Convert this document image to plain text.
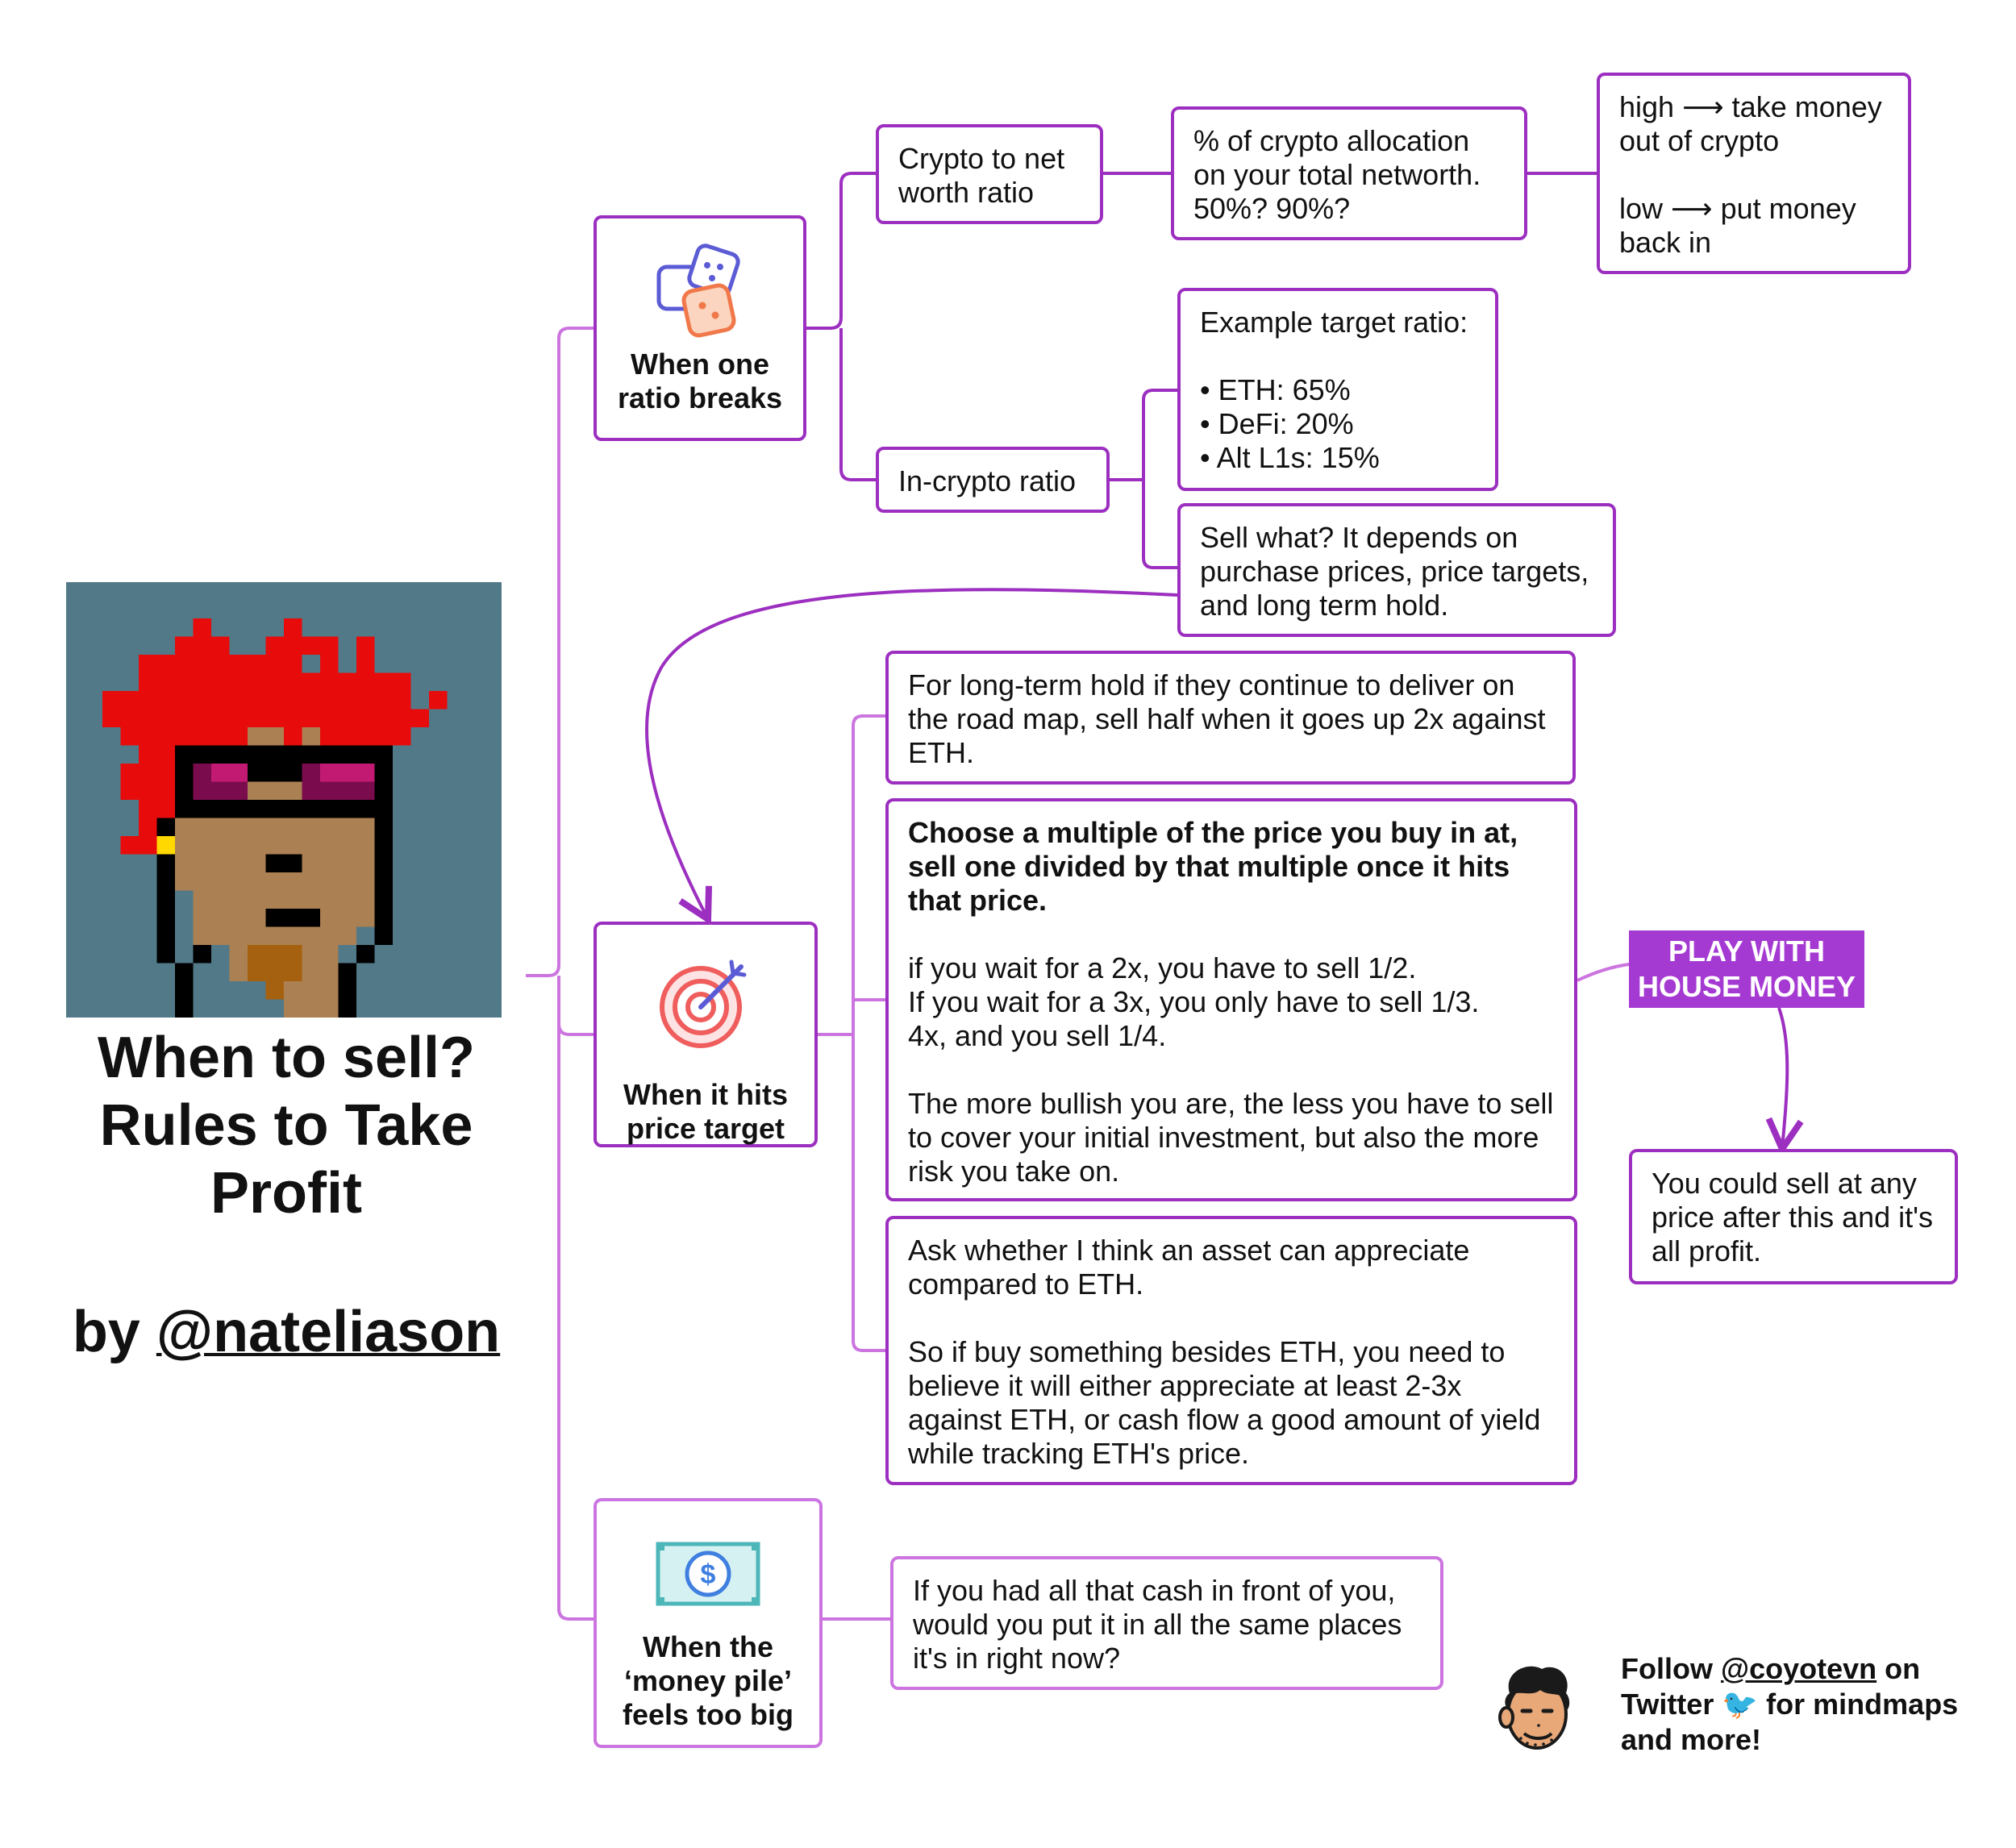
When to sell?
Rules to Take
Profit
by @nateliason
When one
ratio breaks

Crypto to net worth ratio

% of crypto allocation on your total networth. 50%? 90%?

high ⟶ take money out of crypto

low ⟶ put money back in

In-crypto ratio

Example target ratio:

• ETH: 65%
• DeFi: 20%
• Alt L1s: 15%

Sell what? It depends on purchase prices, price targets, and long term hold.

When it hits
price target

For long-term hold if they continue to deliver on the road map, sell half when it goes up 2x against ETH.

Choose a multiple of the price you buy in at, sell one divided by that multiple once it hits that price.

if you wait for a 2x, you have to sell 1/2.

If you wait for a 3x, you only have to sell 1/3.

4x, and you sell 1/4.

The more bullish you are, the less you have to sell to cover your initial investment, but also the more risk you take on.

Ask whether I think an asset can appreciate compared to ETH.

So if buy something besides ETH, you need to believe it will either appreciate at least 2-3x against ETH, or cash flow a good amount of yield while tracking ETH's price.

PLAY WITH
HOUSE MONEY

You could sell at any price after this and it's all profit.

$
When the
‘money pile’
feels too big

If you had all that cash in front of you, would you put it in all the same places it's in right now?	Follow @coyotevn on Twitter 🐦 for mindmaps and more!
